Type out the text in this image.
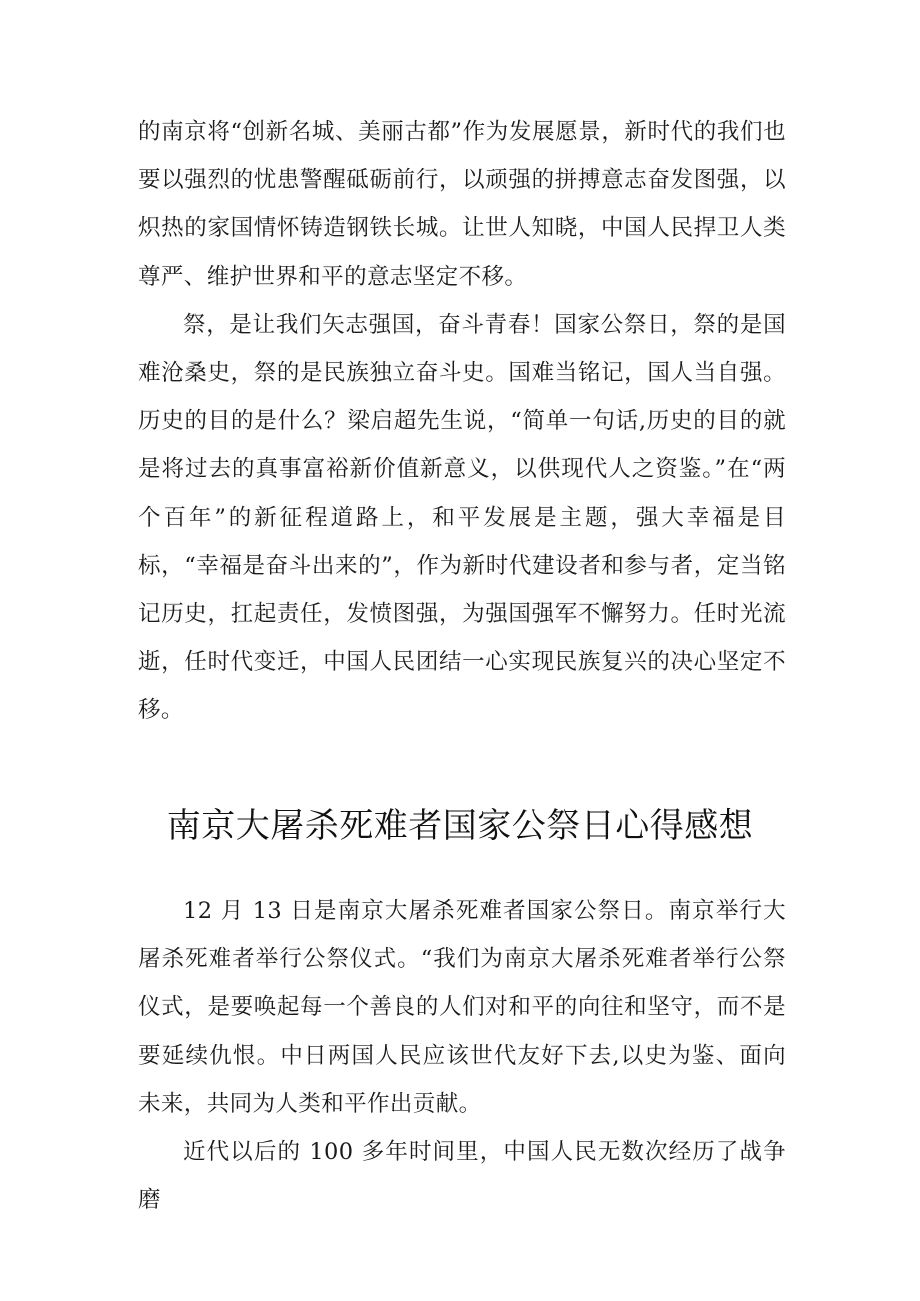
的南京将“创新名城、美丽古都”作为发展愿景，新时代的我们也要以强烈的忧患警醒砥砺前行，以顽强的拼搏意志奋发图强，以炽热的家国情怀铸造钢铁长城。让世人知晓，中国人民捍卫人类尊严、维护世界和平的意志坚定不移。

祭，是让我们矢志强国，奋斗青春！国家公祭日，祭的是国难沧桑史，祭的是民族独立奋斗史。国难当铭记，国人当自强。历史的目的是什么？梁启超先生说，“简单一句话,历史的目的就是将过去的真事富裕新价值新意义，以供现代人之资鉴。”在“两个百年”的新征程道路上，和平发展是主题，强大幸福是目标，“幸福是奋斗出来的”，作为新时代建设者和参与者，定当铭记历史，扛起责任，发愤图强，为强国强军不懈努力。任时光流逝，任时代变迁，中国人民团结一心实现民族复兴的决心坚定不移。

南京大屠杀死难者国家公祭日心得感想

12 月 13 日是南京大屠杀死难者国家公祭日。南京举行大屠杀死难者举行公祭仪式。“我们为南京大屠杀死难者举行公祭仪式，是要唤起每一个善良的人们对和平的向往和坚守，而不是要延续仇恨。中日两国人民应该世代友好下去,以史为鉴、面向未来，共同为人类和平作出贡献。

近代以后的 100 多年时间里，中国人民无数次经历了战争磨
